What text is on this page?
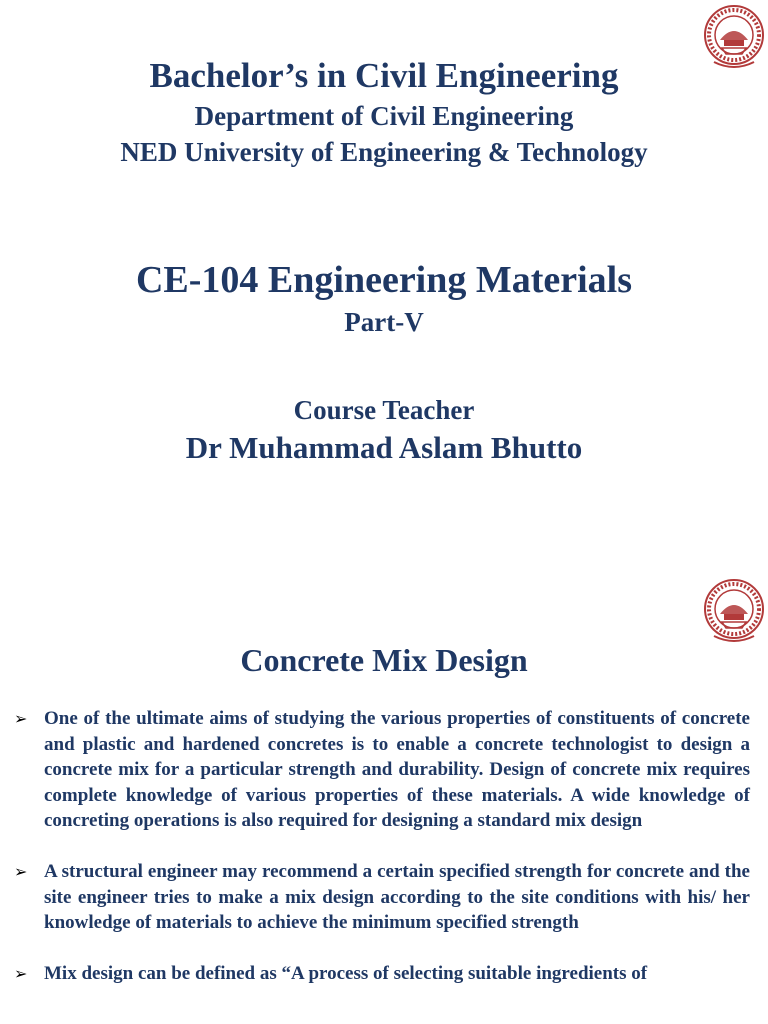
Bachelor’s in Civil Engineering
Department of Civil Engineering
NED University of Engineering & Technology
CE-104 Engineering Materials
Part-V
Course Teacher
Dr Muhammad Aslam Bhutto
Concrete Mix Design
➢ One of the ultimate aims of studying the various properties of constituents of concrete and plastic and hardened concretes is to enable a concrete technologist to design a concrete mix for a particular strength and durability. Design of concrete mix requires complete knowledge of various properties of these materials. A wide knowledge of concreting operations is also required for designing a standard mix design
➢ A structural engineer may recommend a certain specified strength for concrete and the site engineer tries to make a mix design according to the site conditions with his/ her knowledge of materials to achieve the minimum specified strength
➢ Mix design can be defined as “A process of selecting suitable ingredients of
